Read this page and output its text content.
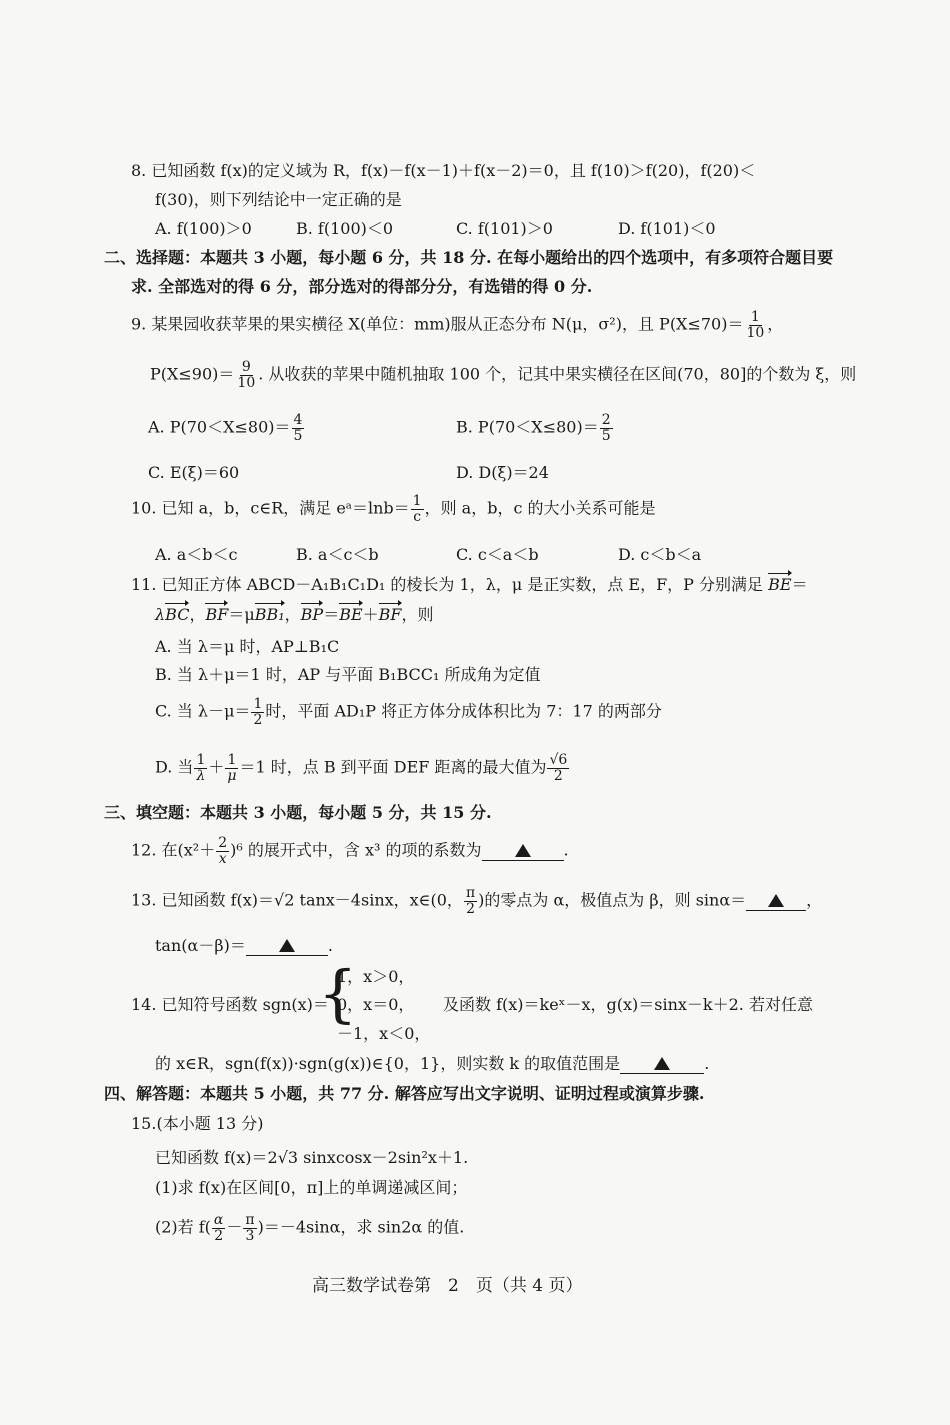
8. 已知函数 f(x)的定义域为 R，f(x)－f(x－1)＋f(x－2)＝0，且 f(10)＞f(20)，f(20)＜
f(30)，则下列结论中一定正确的是
A. f(100)＞0	B. f(100)＜0	C. f(101)＞0	D. f(101)＜0
二、选择题：本题共 3 小题，每小题 6 分，共 18 分. 在每小题给出的四个选项中，有多项符合题目要
求. 全部选对的得 6 分，部分选对的得部分分，有选错的得 0 分.
9. 某果园收获苹果的果实横径 X(单位：mm)服从正态分布 N(μ，σ²)，且 $P(X\le 70)= \frac{1}{10}$ ，
$P(X\le 90)= \frac{9}{10}$ . 从收获的苹果中随机抽取 100 个，记其中果实横径在区间(70，80]的个数为 ξ，则
A. $P(70<X\le 80)= \frac{4}{5}$	B. $P(70<X\le 80)= \frac{2}{5}$
C. E(ξ)＝60	D. D(ξ)＝24
10. 已知 a，b，c∈R，满足 eᵃ＝lnb＝ $\frac{1}{c}$ ，则 a，b，c 的大小关系可能是
A. a＜b＜c	B. a＜c＜b	C. c＜a＜b	D. c＜b＜a
11. 已知正方体 ABCD－A₁B₁C₁D₁ 的棱长为 1，λ，μ 是正实数，点 E，F，P 分别满足 BE＝
λBC，BF＝μBB₁，BP＝BE＋BF，则
A. 当 λ＝μ 时，AP⊥B₁C
B. 当 λ＋μ＝1 时，AP 与平面 B₁BCC₁ 所成角为定值
C. 当 $\lambda-\mu= \frac{1}{2}$ 时，平面 AD₁P 将正方体分成体积比为 7：17 的两部分
D. 当 $\frac{1}{\lambda} + \frac{1}{\mu} =1$ 时，点 B 到平面 DEF 距离的最大值为 $\frac{√6}{2}$
三、填空题：本题共 3 小题，每小题 5 分，共 15 分.
12. 在$(x^2+ \frac{2}{x} )^6$ 的展开式中，含 x³ 的项的系数为	.
13. 已知函数 f(x)＝√2 tanx－4sinx，x∈(0， $\frac{\pi}{2}$ )的零点为 α，极值点为 β，则 sinα＝	，
tan(α－β)＝	.
14. 已知符号函数 sgn(x)＝
{
1，x＞0，
0，x＝0，
－1，x＜0，
及函数 f(x)＝keˣ－x，g(x)＝sinx－k＋2. 若对任意
的 x∈R，sgn(f(x))·sgn(g(x))∈{0，1}，则实数 k 的取值范围是	.
四、解答题：本题共 5 小题，共 77 分. 解答应写出文字说明、证明过程或演算步骤.
15.(本小题 13 分)
已知函数 f(x)＝2√3 sinxcosx－2sin²x＋1.
(1)求 f(x)在区间[0，π]上的单调递减区间；
(2)若 $f( \frac{\alpha}{2} - \frac{\pi}{3} )=-4\sin\alpha$，求 sin2α 的值.
高三数学试卷第　2　页（共 4 页）
